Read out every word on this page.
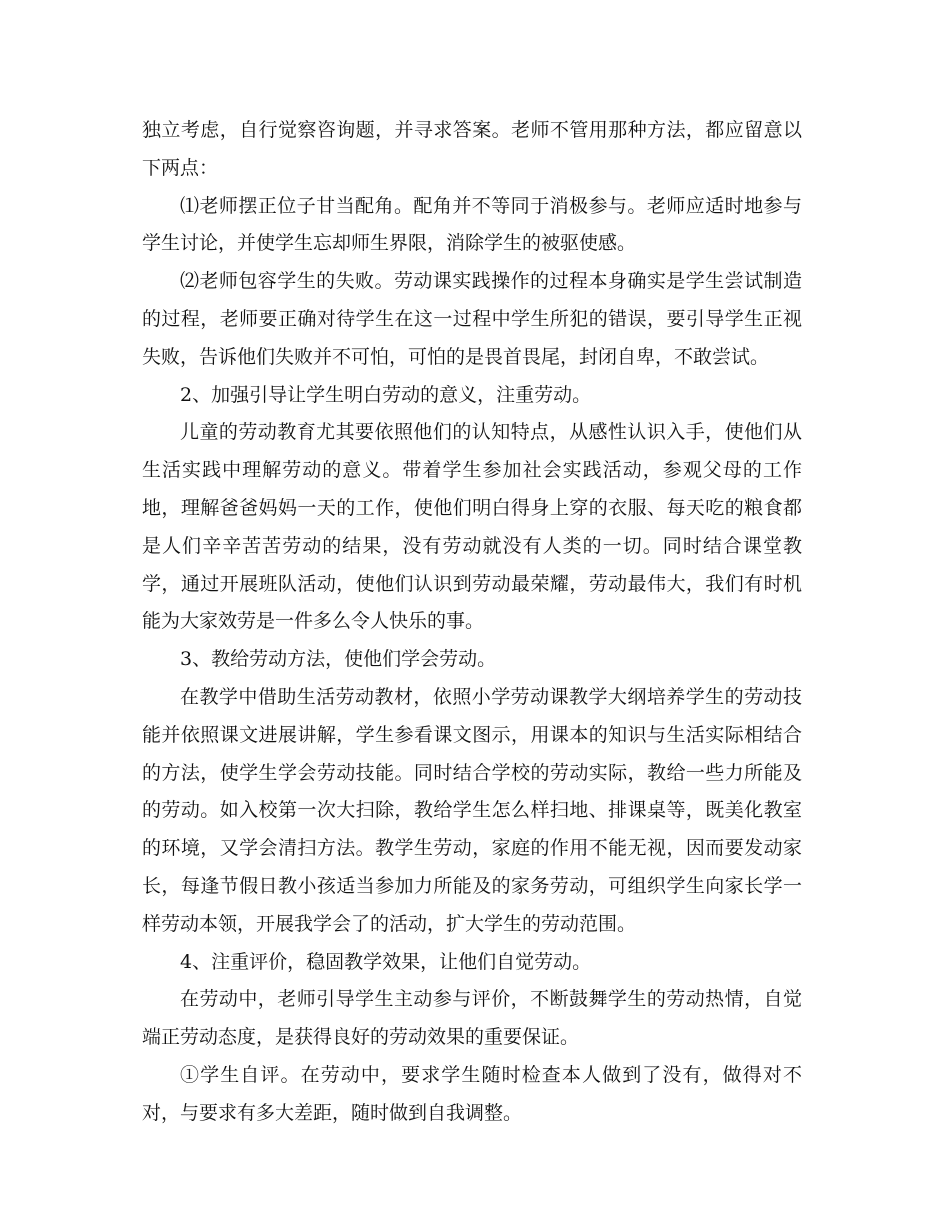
独立考虑，自行觉察咨询题，并寻求答案。老师不管用那种方法，都应留意以下两点：

⑴老师摆正位子甘当配角。配角并不等同于消极参与。老师应适时地参与学生讨论，并使学生忘却师生界限，消除学生的被驱使感。

⑵老师包容学生的失败。劳动课实践操作的过程本身确实是学生尝试制造的过程，老师要正确对待学生在这一过程中学生所犯的错误，要引导学生正视失败，告诉他们失败并不可怕，可怕的是畏首畏尾，封闭自卑，不敢尝试。

2、加强引导让学生明白劳动的意义，注重劳动。

儿童的劳动教育尤其要依照他们的认知特点，从感性认识入手，使他们从生活实践中理解劳动的意义。带着学生参加社会实践活动，参观父母的工作地，理解爸爸妈妈一天的工作，使他们明白得身上穿的衣服、每天吃的粮食都是人们辛辛苦苦劳动的结果，没有劳动就没有人类的一切。同时结合课堂教学，通过开展班队活动，使他们认识到劳动最荣耀，劳动最伟大，我们有时机能为大家效劳是一件多么令人快乐的事。

3、教给劳动方法，使他们学会劳动。

在教学中借助生活劳动教材，依照小学劳动课教学大纲培养学生的劳动技能并依照课文进展讲解，学生参看课文图示，用课本的知识与生活实际相结合的方法，使学生学会劳动技能。同时结合学校的劳动实际，教给一些力所能及的劳动。如入校第一次大扫除，教给学生怎么样扫地、排课桌等，既美化教室的环境，又学会清扫方法。教学生劳动，家庭的作用不能无视，因而要发动家长，每逢节假日教小孩适当参加力所能及的家务劳动，可组织学生向家长学一样劳动本领，开展我学会了的活动，扩大学生的劳动范围。

4、注重评价，稳固教学效果，让他们自觉劳动。

在劳动中，老师引导学生主动参与评价，不断鼓舞学生的劳动热情，自觉端正劳动态度，是获得良好的劳动效果的重要保证。

①学生自评。在劳动中，要求学生随时检查本人做到了没有，做得对不对，与要求有多大差距，随时做到自我调整。
